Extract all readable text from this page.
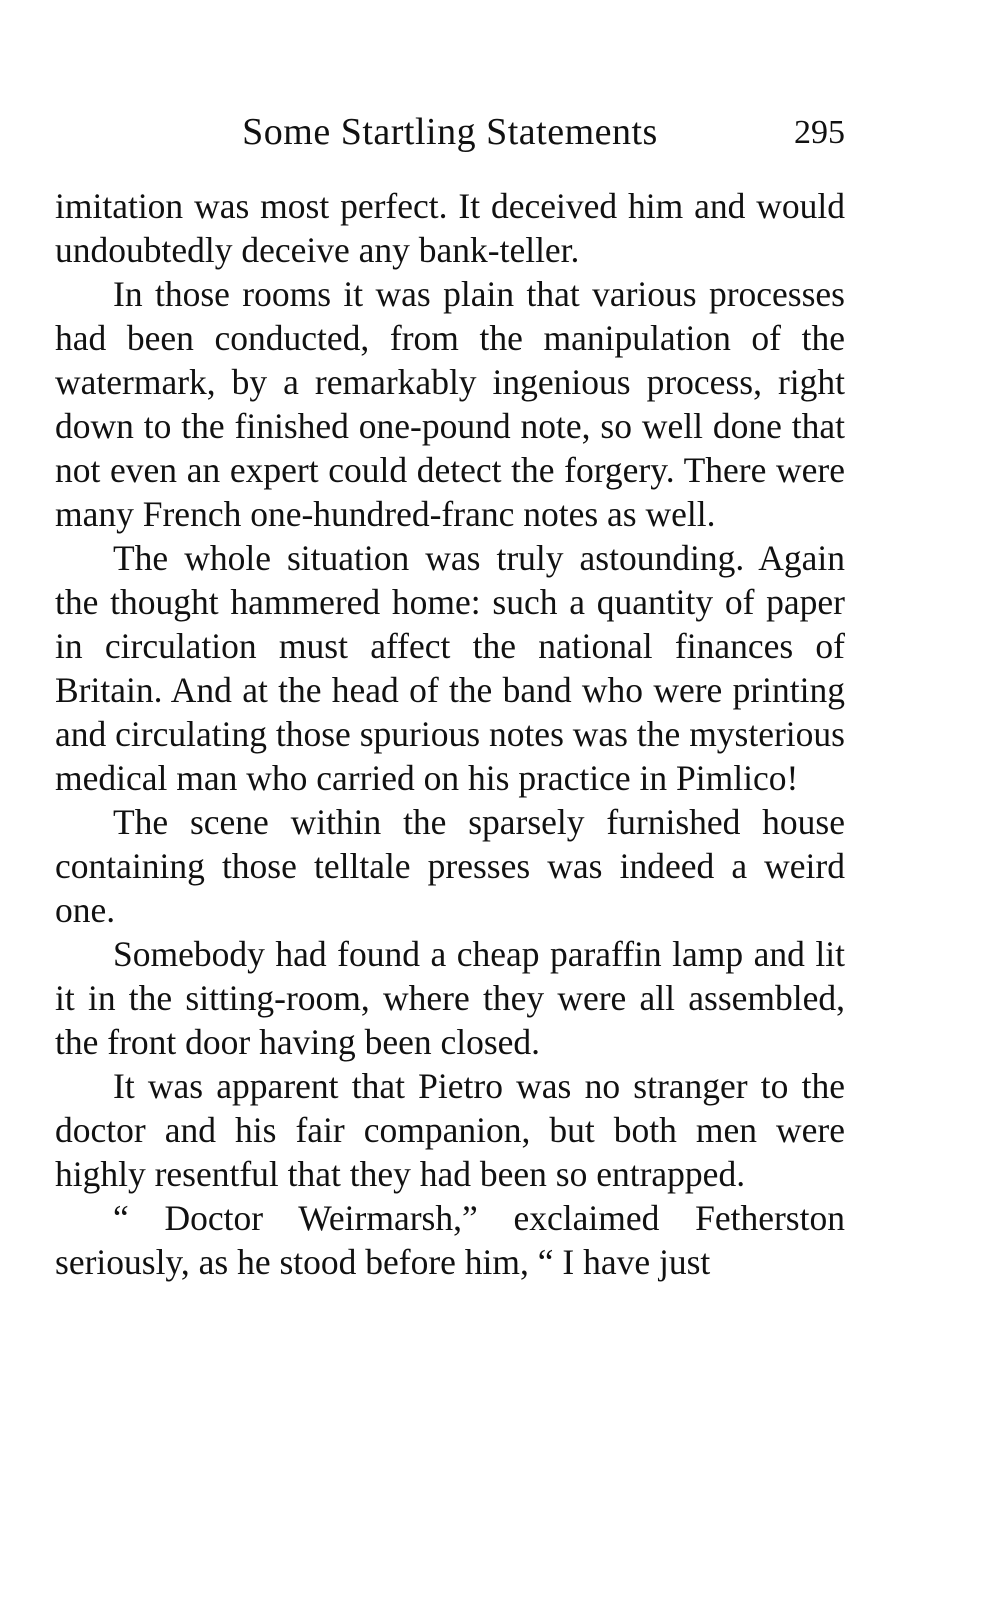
Some Startling Statements	295

imitation was most perfect. It deceived him and would undoubtedly deceive any bank-teller.

In those rooms it was plain that various processes had been conducted, from the manipulation of the watermark, by a remarkably ingenious process, right down to the finished one-pound note, so well done that not even an expert could detect the forgery. There were many French one-hundred-franc notes as well.

The whole situation was truly astounding. Again the thought hammered home: such a quantity of paper in circulation must affect the national finances of Britain. And at the head of the band who were printing and circulating those spurious notes was the mysterious medical man who carried on his practice in Pimlico!

The scene within the sparsely furnished house containing those telltale presses was indeed a weird one.

Somebody had found a cheap paraffin lamp and lit it in the sitting-room, where they were all assembled, the front door having been closed.

It was apparent that Pietro was no stranger to the doctor and his fair companion, but both men were highly resentful that they had been so entrapped.

“ Doctor Weirmarsh,” exclaimed Fetherston seriously, as he stood before him, “ I have just
